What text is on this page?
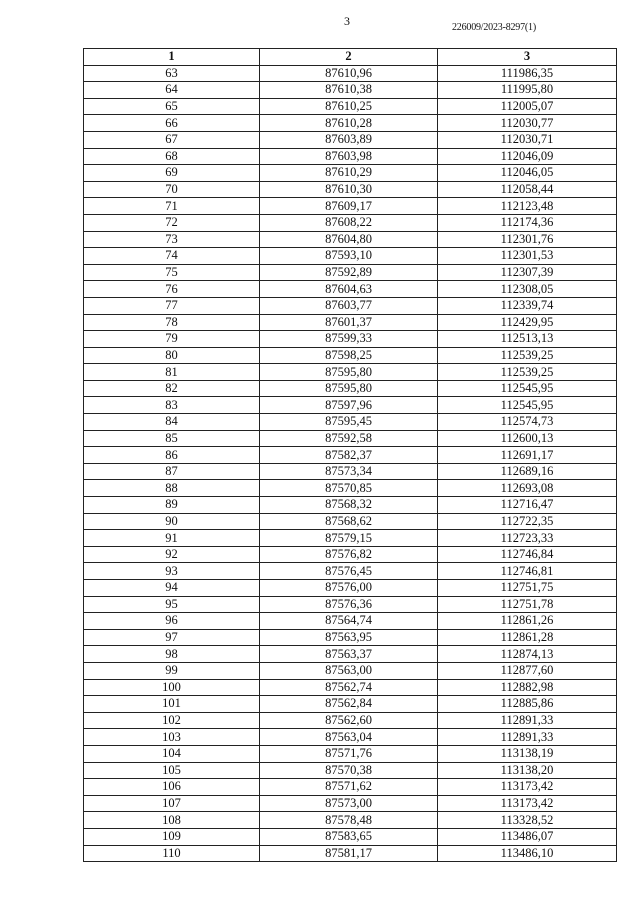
3	226009/2023-8297(1)
1	2	3
63	87610,96	111986,35
64	87610,38	111995,80
65	87610,25	112005,07
66	87610,28	112030,77
67	87603,89	112030,71
68	87603,98	112046,09
69	87610,29	112046,05
70	87610,30	112058,44
71	87609,17	112123,48
72	87608,22	112174,36
73	87604,80	112301,76
74	87593,10	112301,53
75	87592,89	112307,39
76	87604,63	112308,05
77	87603,77	112339,74
78	87601,37	112429,95
79	87599,33	112513,13
80	87598,25	112539,25
81	87595,80	112539,25
82	87595,80	112545,95
83	87597,96	112545,95
84	87595,45	112574,73
85	87592,58	112600,13
86	87582,37	112691,17
87	87573,34	112689,16
88	87570,85	112693,08
89	87568,32	112716,47
90	87568,62	112722,35
91	87579,15	112723,33
92	87576,82	112746,84
93	87576,45	112746,81
94	87576,00	112751,75
95	87576,36	112751,78
96	87564,74	112861,26
97	87563,95	112861,28
98	87563,37	112874,13
99	87563,00	112877,60
100	87562,74	112882,98
101	87562,84	112885,86
102	87562,60	112891,33
103	87563,04	112891,33
104	87571,76	113138,19
105	87570,38	113138,20
106	87571,62	113173,42
107	87573,00	113173,42
108	87578,48	113328,52
109	87583,65	113486,07
110	87581,17	113486,10
